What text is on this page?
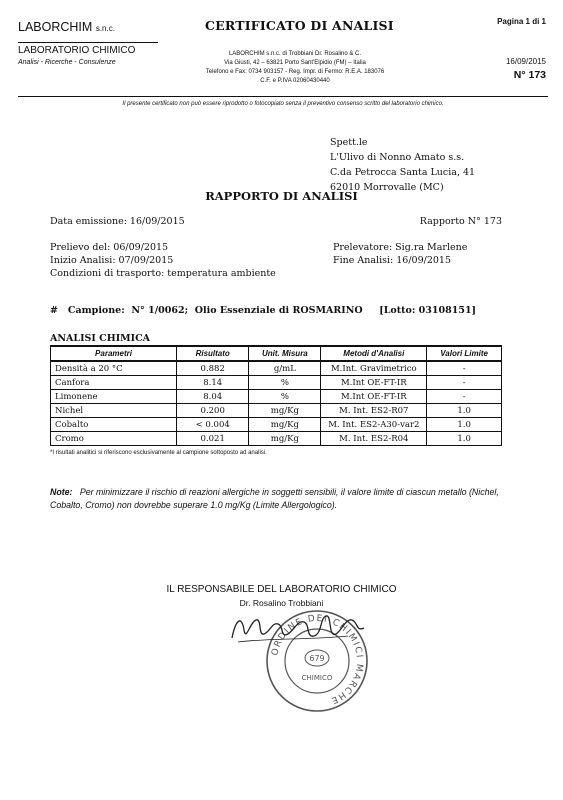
LABORCHIM s.n.c.
LABORATORIO CHIMICO
Analisi - Ricerche - Consulenze
CERTIFICATO DI ANALISI
LABORCHIM s.n.c. di Trobbiani Dr. Rosalino & C.
Via Giusti, 42 – 63821 Porto Sant'Elpidio (FM) – Italia
Telefono e Fax: 0734 903157 - Reg. Impr. di Fermo: R.E.A. 183076
C.F. e P.IVA 02060430440
Pagina 1 di 1
16/09/2015
N° 173
Il presente certificato non può essere riprodotto o fotocopiato senza il preventivo consenso scritto del laboratorio chimico.
Spett.le
L'Ulivo di Nonno Amato s.s.
C.da Petrocca Santa Lucia, 41
62010 Morrovalle (MC)
RAPPORTO DI ANALISI
Data emissione: 16/09/2015	Rapporto N° 173
Prelievo del: 06/09/2015	Prelevatore: Sig.ra Marlene
Inizio Analisi: 07/09/2015	Fine Analisi: 16/09/2015
Condizioni di trasporto: temperatura ambiente
# Campione: N° 1/0062; Olio Essenziale di ROSMARINO [Lotto: 03108151]
ANALISI CHIMICA
Parametri	Risultato	Unit. Misura	Metodi d'Analisi	Valori Limite
Densità a 20 °C	0.882	g/mL	M.Int. Gravimetrico	-
Canfora	8.14	%	M.Int OE-FT-IR	-
Limonene	8.04	%	M.Int OE-FT-IR	-
Nichel	0.200	mg/Kg	M. Int. ES2-R07	1.0
Cobalto	< 0.004	mg/Kg	M. Int. ES2-A30-var2	1.0
Cromo	0.021	mg/Kg	M. Int. ES2-R04	1.0
*I risultati analitici si riferiscono esclusivamente al campione sottoposto ad analisi.
Note: Per minimizzare il rischio di reazioni allergiche in soggetti sensibili, il valore limite di ciascun metallo (Nichel, Cobalto, Cromo) non dovrebbe superare 1.0 mg/Kg (Limite Allergologico).
IL RESPONSABILE DEL LABORATORIO CHIMICO
Dr. Rosalino Trobbiani
ORDINE DEI CHIMICI MARCHE
679
CHIMICO
